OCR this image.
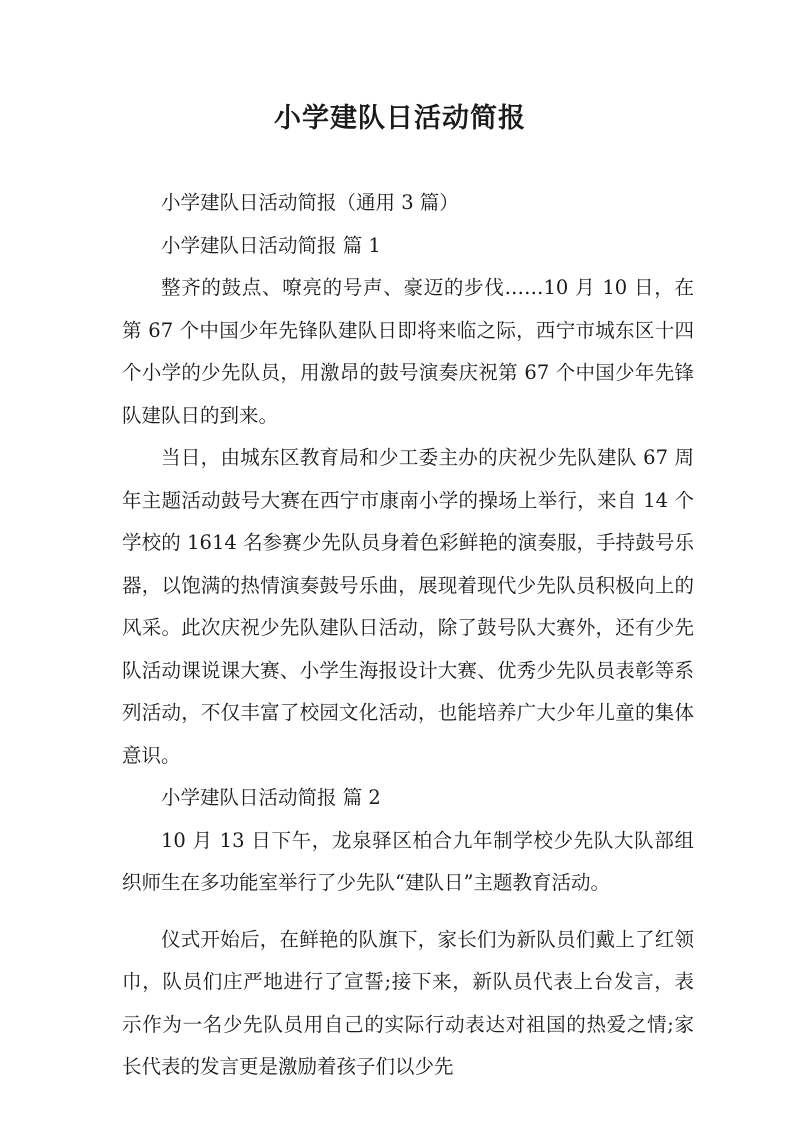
小学建队日活动简报

小学建队日活动简报（通用 3 篇）

小学建队日活动简报 篇 1

整齐的鼓点、嘹亮的号声、豪迈的步伐……10 月 10 日，在第 67 个中国少年先锋队建队日即将来临之际，西宁市城东区十四个小学的少先队员，用激昂的鼓号演奏庆祝第 67 个中国少年先锋队建队日的到来。

当日，由城东区教育局和少工委主办的庆祝少先队建队 67 周年主题活动鼓号大赛在西宁市康南小学的操场上举行，来自 14 个学校的 1614 名参赛少先队员身着色彩鲜艳的演奏服，手持鼓号乐器，以饱满的热情演奏鼓号乐曲，展现着现代少先队员积极向上的风采。此次庆祝少先队建队日活动，除了鼓号队大赛外，还有少先队活动课说课大赛、小学生海报设计大赛、优秀少先队员表彰等系列活动，不仅丰富了校园文化活动，也能培养广大少年儿童的集体意识。

小学建队日活动简报 篇 2

10 月 13 日下午，龙泉驿区柏合九年制学校少先队大队部组织师生在多功能室举行了少先队“建队日”主题教育活动。

仪式开始后，在鲜艳的队旗下，家长们为新队员们戴上了红领巾，队员们庄严地进行了宣誓;接下来，新队员代表上台发言，表示作为一名少先队员用自己的实际行动表达对祖国的热爱之情;家长代表的发言更是激励着孩子们以少先
